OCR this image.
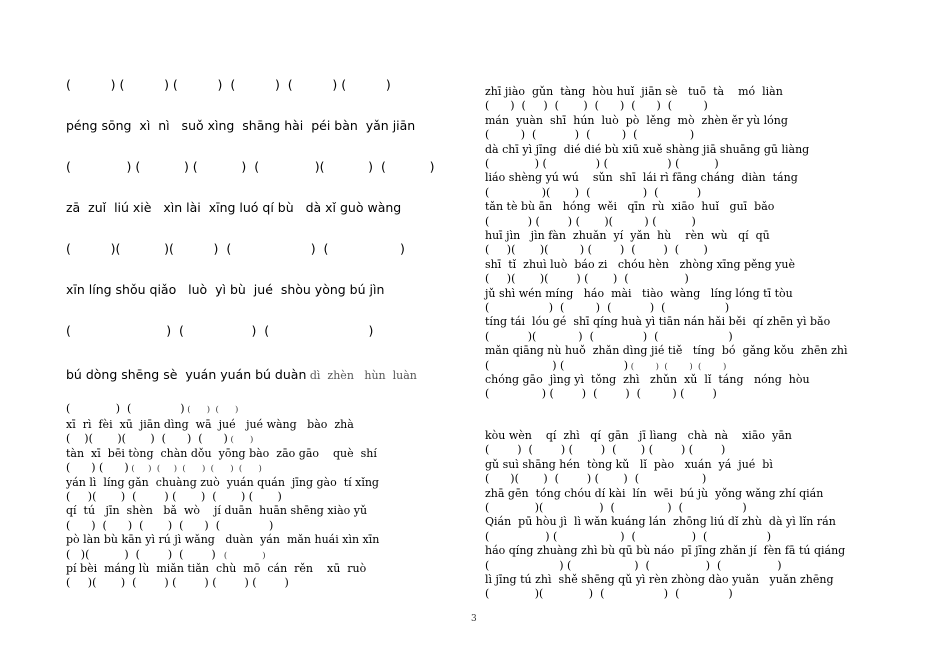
(          ) (          ) (          )  (          )  (          ) (          )
péng sōng  xì  nì   suǒ xìng  shāng hài  péi bàn  yǎn jiān
(              ) (           ) (           )  (              )(           )  (           )
zā  zuǐ  liú xiè   xìn lài  xīng luó qí bù   dà xǐ guò wàng
(          )(           )(          )  (                    )  (                  )
xīn líng shǒu qiǎo   luò  yì bù  jué  shòu yòng bú jìn
(                        )  (                 )  (                         )
bú dòng shēng sè  yuán yuán bú duàn dì  zhèn   hùn  luàn
(             )  (              ) (      )  (      )
xī  rì  fèi  xū  jiān dìng  wā  jué   jué wàng   bào  zhà
(    )(       )(       )  (      )  (      ) (      )
tàn  xī  bēi tòng  chàn dǒu  yōng bào  zāo gāo    què  shí
(      ) (      ) (     )  (     )  (      )  (      )  (      )
yán lì  líng gǎn  chuàng zuò  yuán quán  jīng gào  tí xǐng
(     )(       )  (        ) (       )  (       ) (       )
qí  tú   jīn  shèn   bǎ  wò    jí duān  huān shēng xiào yǔ
(      )  (      )  (       )  (      )  (              )
pò làn bù kān yì rú jì wǎng   duàn  yán  mǎn huái xìn xīn
(   )(          )  (        )  (        )   (             )
pí bèi  máng lù  miǎn tiǎn  chù  mō  cán  rěn    xū  ruò
(     )(       )  (        ) (        ) (        ) (        )
zhī jiào  gǔn  tàng  hòu huǐ  jiān sè   tuō  tà    mó  liàn
(      )  (     )  (       )  (      )  (      )  (         )
mán  yuàn  shī  hún  luò  pò  lěng  mò  zhèn ěr yù lóng
(         )  (           )  (         )  (               )
dà chī yì jīng  dié dié bù xiū xuě shàng jiā shuāng gū liàng
(             ) (              ) (                 ) (          )
liáo shèng yú wú    sǔn  shī  lái rì fāng cháng  diàn  táng
(               )(       )  (               )  (           )
tǎn tè bù ān   hóng  wěi   qīn  rù  xiāo  huǐ   guī  bǎo
(           ) (        ) (       )(         ) (          )
huī jìn   jìn fàn  zhuǎn  yí  yǎn  hù    rèn  wù   qí  qū
(     )(       )(         ) (        )  (        )  (       )
shī  tǐ  zhuì luò  báo zi   chóu hèn   zhòng xīng pěng yuè
(     )(       )(        ) (       )  (                )
jǔ shì wén míng   háo  mài   tiào  wàng   líng lóng tī tòu
(                 )  (         )  (           )  (                 )
tíng tái  lóu gé  shī qíng huà yì tiān nán hǎi běi  qí zhēn yì bǎo
(           )(            )  (              )  (                    )
mǎn qiāng nù huǒ  zhǎn dìng jié tiě   tíng  bó  gǎng kǒu  zhēn zhì
(                  ) (                 ) (        )  (        )  (        )
chóng gāo  jìng yì  tǒng  zhì   zhǔn  xǔ  lǐ  táng   nóng  hòu
(               ) (        )  (        )  (         ) (        )
kòu wèn    qí  zhì   qí  gān   jī lìanɡ   chà  nà    xiāo  yān
(        )  (        ) (        )  (       ) (        ) (        )
gǔ suì shāng hén  tòng kǔ   lǐ  pào   xuán  yá  jué  bì
(      )(       )  (        ) (       )  (                  )
zhā gēn  tóng chóu dí kài  lín  wēi  bú jù  yǒng wǎng zhí qián
(             )(                )  (               )  (                 )
Qián  pū hòu jì  lì wǎn kuáng lán  zhōng liú dǐ zhù  dà yì lǐn rán
(                ) (                  )  (                )  (                 )
háo qíng zhuàng zhì bù qū bù náo  pī jīng zhǎn jí  fèn fā tú qiáng
(                    ) (                  )  (                )  (                )
lì jīng tú zhì  shě shēng qǔ yì rèn zhòng dào yuǎn   yuǎn zhēng
(             )(             )  (                 )  (              )
3
